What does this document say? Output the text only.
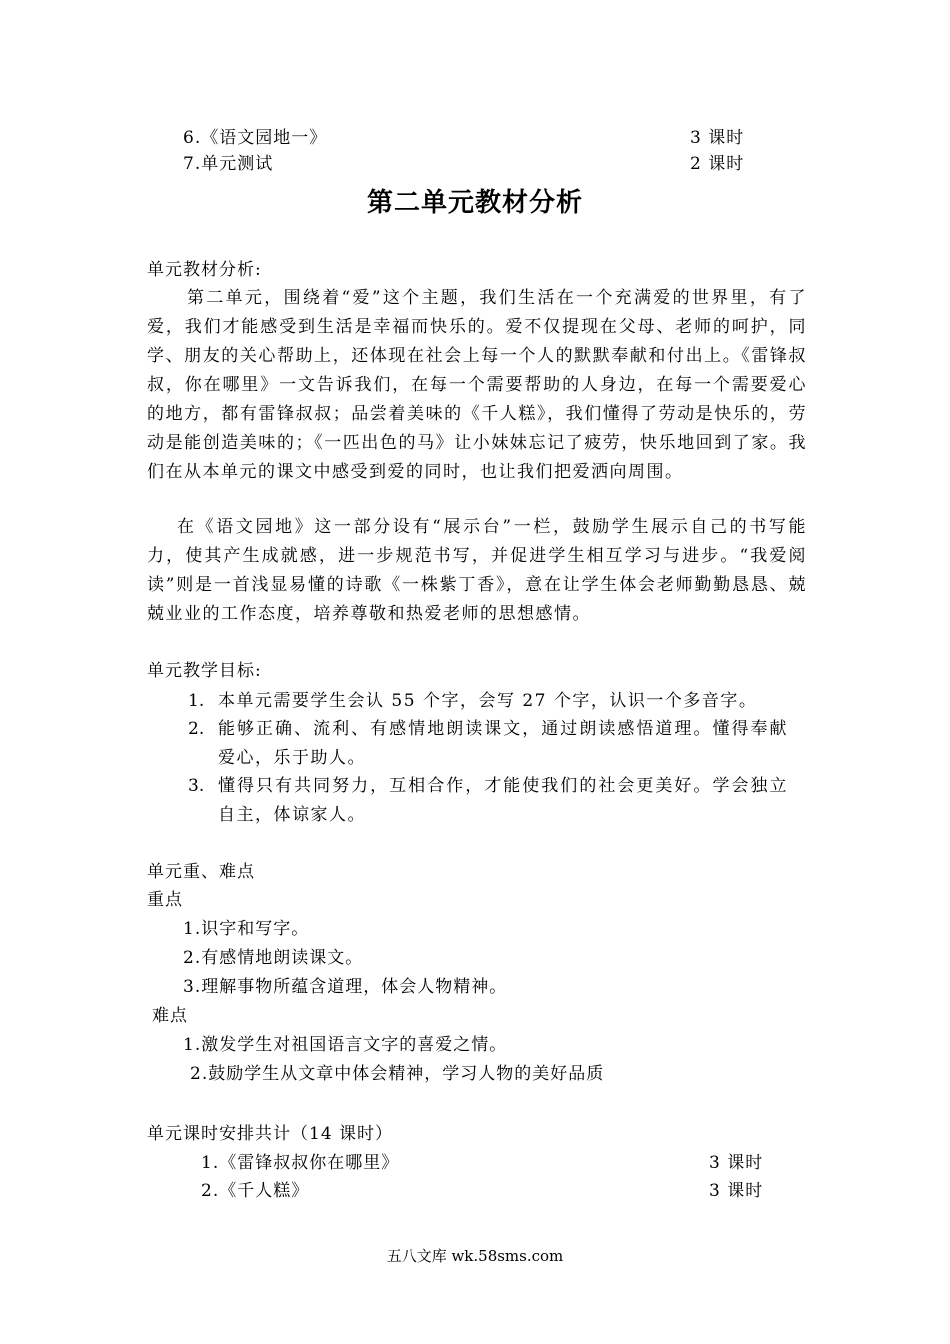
6.《语文园地一》	3 课时
7.单元测试	2 课时
第二单元教材分析
单元教材分析:
第二单元，围绕着“爱”这个主题，我们生活在一个充满爱的世界里，有了爱，我们才能感受到生活是幸福而快乐的。爱不仅提现在父母、老师的呵护，同学、朋友的关心帮助上，还体现在社会上每一个人的默默奉献和付出上。《雷锋叔叔，你在哪里》一文告诉我们，在每一个需要帮助的人身边，在每一个需要爱心的地方，都有雷锋叔叔；品尝着美味的《千人糕》，我们懂得了劳动是快乐的，劳动是能创造美味的；《一匹出色的马》让小妹妹忘记了疲劳，快乐地回到了家。我们在从本单元的课文中感受到爱的同时，也让我们把爱洒向周围。
在《语文园地》这一部分设有“展示台”一栏，鼓励学生展示自己的书写能力，使其产生成就感，进一步规范书写，并促进学生相互学习与进步。“我爱阅读”则是一首浅显易懂的诗歌《一株紫丁香》，意在让学生体会老师勤勤恳恳、兢兢业业的工作态度，培养尊敬和热爱老师的思想感情。
单元教学目标:
1. 本单元需要学生会认 55 个字，会写 27 个字，认识一个多音字。
2. 能够正确、流利、有感情地朗读课文，通过朗读感悟道理。懂得奉献爱心，乐于助人。
3. 懂得只有共同努力，互相合作，才能使我们的社会更美好。学会独立自主，体谅家人。
单元重、难点
重点
1.识字和写字。
2.有感情地朗读课文。
3.理解事物所蕴含道理，体会人物精神。
难点
1.激发学生对祖国语言文字的喜爱之情。
2.鼓励学生从文章中体会精神，学习人物的美好品质
单元课时安排共计（14 课时）
1.《雷锋叔叔你在哪里》	3 课时
2.《千人糕》	3 课时
五八文库 wk.58sms.com
